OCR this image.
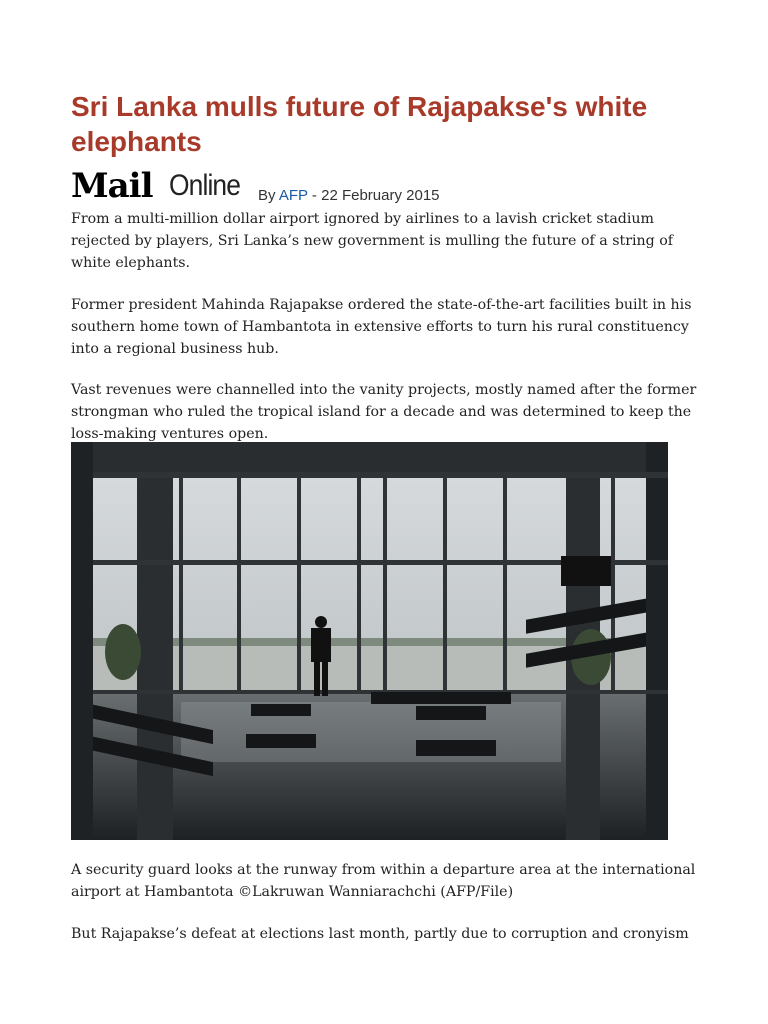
Sri Lanka mulls future of Rajapakse's white elephants
Mail Online By AFP - 22 February 2015

From a multi-million dollar airport ignored by airlines to a lavish cricket stadium rejected by players, Sri Lanka’s new government is mulling the future of a string of white elephants.

Former president Mahinda Rajapakse ordered the state-of-the-art facilities built in his southern home town of Hambantota in extensive efforts to turn his rural constituency into a regional business hub.

Vast revenues were channelled into the vanity projects, mostly named after the former strongman who ruled the tropical island for a decade and was determined to keep the loss-making ventures open.

A security guard looks at the runway from within a departure area at the international airport at Hambantota ©Lakruwan Wanniarachchi (AFP/File)

But Rajapakse’s defeat at elections last month, partly due to corruption and cronyism
